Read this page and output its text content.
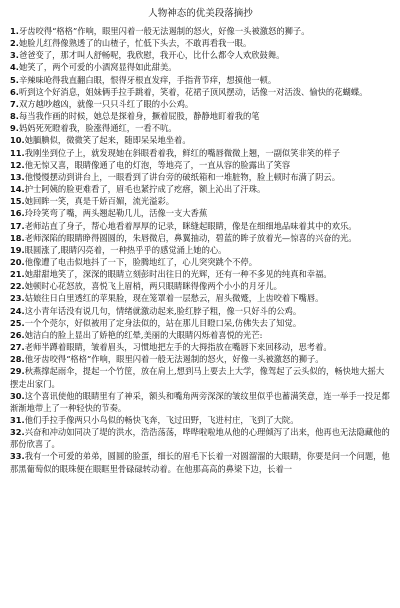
人物神态的优美段落摘抄

1.牙齿咬得“格格”作响，眼里闪着一般无法遏制的怒火，好像一头被激怒的狮子。

2.她脸儿红得像熟透了的山楂子，忙低下头去，不敢再看我一眼。

3.爸爸变了，那才叫人舒畅呢，我欣慰，我开心，比什么都令人欢欣鼓舞。

4.她笑了，两个可爱的小酒窝显得如此甜美。

5.辛辣味呛得我直翻白眼，恨得牙根直发痒，手指背节痒，想摸他一顿。

6.听到这个好消息，姐妹俩手拉手跳着，笑着，花裙子顶风摆动，话像一对活泼、愉快的花蝴蝶。

7.双方越吵越凶，就像一只只斗红了眼的小公鸡。

8.每当我作画的时候，她总是探着身，撅着屁股，静静地盯着我的笔

9.妈妈死死瞪着我，脸涨得通红，一看不吭。

10.她腼腆似，微微笑了起来，随即呆呆地坐着。

11.我刚坐到位子上，就发现她在斜眼看着我，鲜红的嘴唇微微上翘，一副似笑非笑的样子

12.他无惊又喜，眼睛像通了电的灯泡，等地亮了，一直从容的脸露出了笑容

13.他慢慢摆动到讲台上，一眼看到了讲台旁的破纸箱和一堆脏物，脸上顿时布满了阴云。

14.护士阿姨的脸更难看了，眉毛也紧拧成了疙瘩，额上沁出了汗珠。

15.她回眸一笑，真是千娇百媚，流光溢彩。

16.玲玲笑弯了嘴，两头翘起勒几儿，活像一支大香蕉

17.老师站直了身子，帮心地看着厚厚的记录，眯缝起眼睛，像是在细细地品味着其中的欢乐。

18.老师深陷的眼睛睁得圆圆的，朱唇微启，鼻翼抽动，碧蓝的眸子放着光—惊喜的兴奋的光。

19.眼圆涨了,眼睛闪亮着，一种热乎乎的感觉涌上她的心。

20.他像遭了电击似地抖了一下，脸腾地红了，心儿突突跳个不停。

21.她甜甜地笑了，深深的眼睛立刻彭时出往日的光辉，还有一种不多见的纯真和幸福。

22.她顿时心花怒放，喜悦飞上眉梢，两只眼睛眯得像两个小小的月牙儿。

23.姑娘往日白里透红的苹果脸，现在笼罩着一层愁云，眉头微蹙，上齿咬着下嘴唇。

24.这小青年话没有说几句，情绪就激动起来,脸红脖子粗，像一只好斗的公鸡。

25.一个个莞尔，好似被用了定身法似的，站在那儿目瞪口呆,仿佛失去了知觉。

26.她洁白的脸上显出了娇艳的红晕,美丽的大眼睛闪烁着喜悦的光芒:

27.老师半蹲着眼睛，皱着眉头，习惯地把左手的大拇指放在嘴唇下来回移动，思考着。

28.他牙齿咬得“格格”作响，眼里闪着一般无法遏制的怒火，好像一头被激怒的狮子。

29.秋燕撑起雨伞，提起一个竹筐，放在肩上,想到马上要去上大学，像驾起了云头似的，畅快地大摇大摆走出家门。

30.这个喜讯使他的眼睛里有了神采，额头和嘴角两旁深深的皱纹里似乎也蓄满笑意，连一举手一投足都渐渐地带上了一种轻快的节奏。

31.他们手拉手像两只小鸟似的畅快飞奔，飞过田野，飞进村庄，飞到了大院。

32.兴奋和冲动如同决了堤的洪水，浩浩荡荡，哗哗啦啦地从他的心理倾泻了出来，他再也无法隐藏他的那份欣喜了。

33.我有一个可爱的弟弟，圆圆的脸蛋，细长的眉毛下长着一对圆溜溜的大眼睛，你要是问一个问题，他那黑葡萄似的眼珠便在眼眶里骨碌碌转动着。在他那高高的鼻梁下边，长着一
